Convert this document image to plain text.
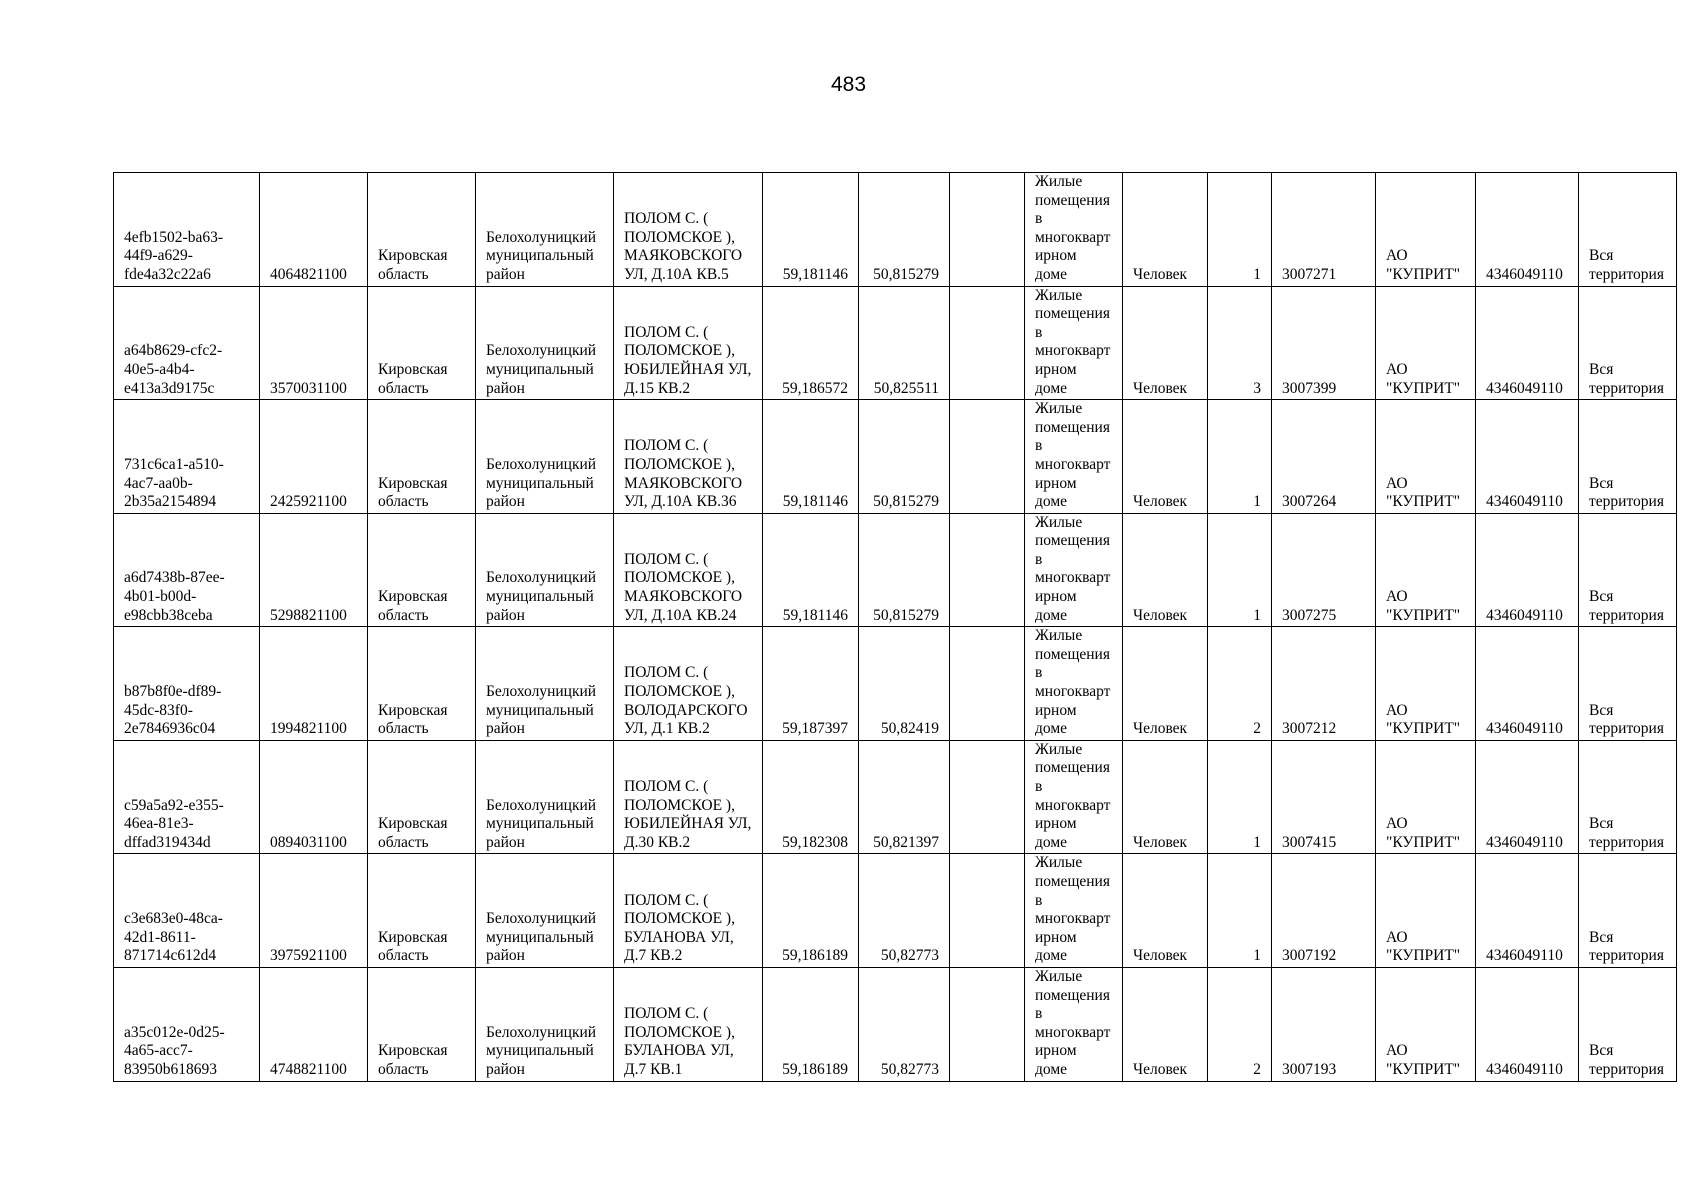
483
4efb1502-ba63-44f9-a629-fde4a32c22a6	4064821100	Кировская область	Белохолуницкий муниципальный район	ПОЛОМ С. ( ПОЛОМСКОЕ ), МАЯКОВСКОГО УЛ, Д.10А КВ.5	59,181146	50,815279		Жилые помещения в многоквартирном доме	Человек	1	3007271	АО "КУПРИТ"	4346049110	Вся территория
a64b8629-cfc2-40e5-a4b4-e413a3d9175c	3570031100	Кировская область	Белохолуницкий муниципальный район	ПОЛОМ С. ( ПОЛОМСКОЕ ), ЮБИЛЕЙНАЯ УЛ, Д.15 КВ.2	59,186572	50,825511		Жилые помещения в многоквартирном доме	Человек	3	3007399	АО "КУПРИТ"	4346049110	Вся территория
731c6ca1-a510-4ac7-aa0b-2b35a2154894	2425921100	Кировская область	Белохолуницкий муниципальный район	ПОЛОМ С. ( ПОЛОМСКОЕ ), МАЯКОВСКОГО УЛ, Д.10А КВ.36	59,181146	50,815279		Жилые помещения в многоквартирном доме	Человек	1	3007264	АО "КУПРИТ"	4346049110	Вся территория
a6d7438b-87ee-4b01-b00d-e98cbb38ceba	5298821100	Кировская область	Белохолуницкий муниципальный район	ПОЛОМ С. ( ПОЛОМСКОЕ ), МАЯКОВСКОГО УЛ, Д.10А КВ.24	59,181146	50,815279		Жилые помещения в многоквартирном доме	Человек	1	3007275	АО "КУПРИТ"	4346049110	Вся территория
b87b8f0e-df89-45dc-83f0-2e7846936c04	1994821100	Кировская область	Белохолуницкий муниципальный район	ПОЛОМ С. ( ПОЛОМСКОЕ ), ВОЛОДАРСКОГО УЛ, Д.1 КВ.2	59,187397	50,82419		Жилые помещения в многоквартирном доме	Человек	2	3007212	АО "КУПРИТ"	4346049110	Вся территория
c59a5a92-e355-46ea-81e3-dffad319434d	0894031100	Кировская область	Белохолуницкий муниципальный район	ПОЛОМ С. ( ПОЛОМСКОЕ ), ЮБИЛЕЙНАЯ УЛ, Д.30 КВ.2	59,182308	50,821397		Жилые помещения в многоквартирном доме	Человек	1	3007415	АО "КУПРИТ"	4346049110	Вся территория
c3e683e0-48ca-42d1-8611-871714c612d4	3975921100	Кировская область	Белохолуницкий муниципальный район	ПОЛОМ С. ( ПОЛОМСКОЕ ), БУЛАНОВА УЛ, Д.7 КВ.2	59,186189	50,82773		Жилые помещения в многоквартирном доме	Человек	1	3007192	АО "КУПРИТ"	4346049110	Вся территория
a35c012e-0d25-4a65-acc7-83950b618693	4748821100	Кировская область	Белохолуницкий муниципальный район	ПОЛОМ С. ( ПОЛОМСКОЕ ), БУЛАНОВА УЛ, Д.7 КВ.1	59,186189	50,82773		Жилые помещения в многоквартирном доме	Человек	2	3007193	АО "КУПРИТ"	4346049110	Вся территория
